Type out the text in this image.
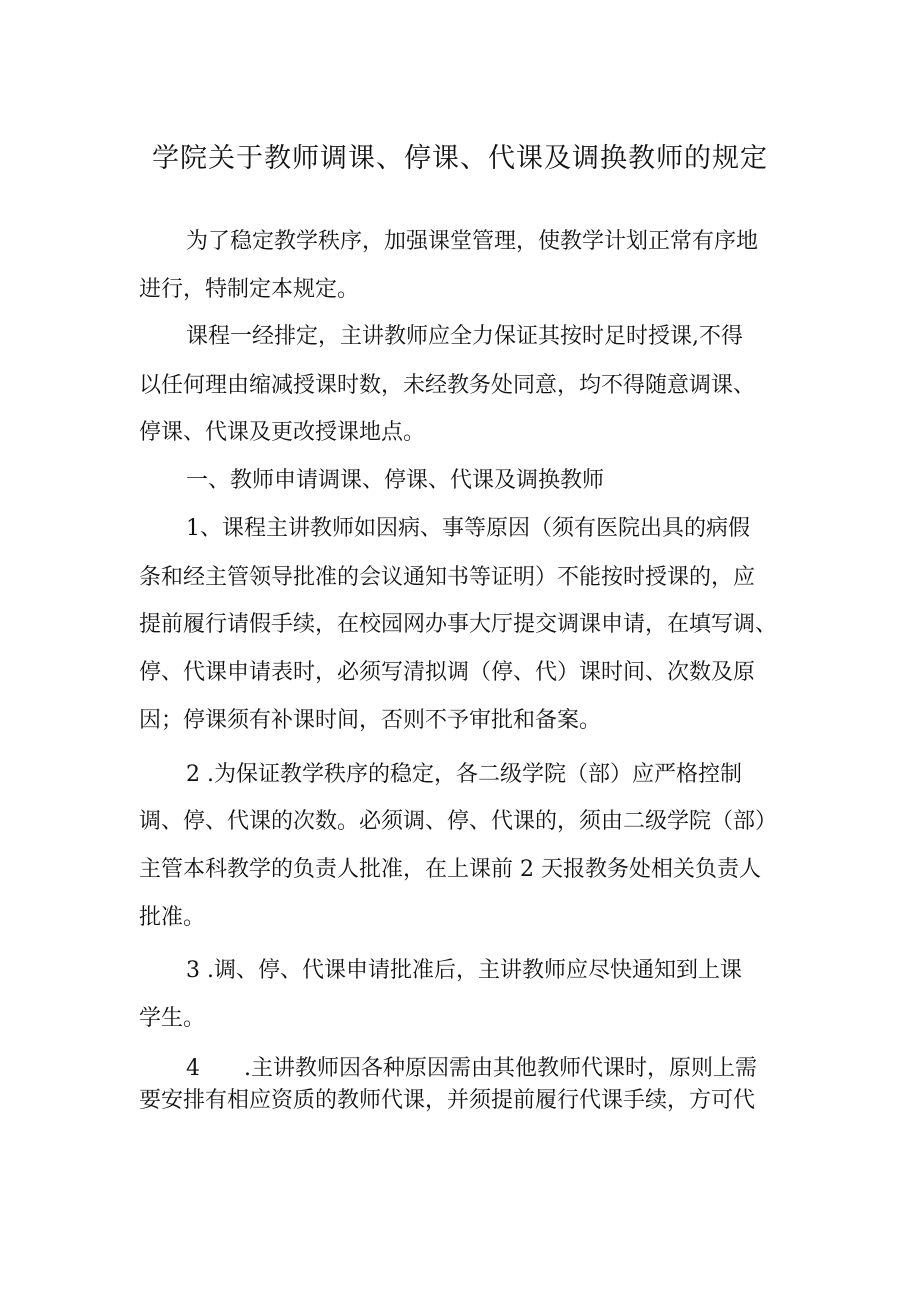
学院关于教师调课、停课、代课及调换教师的规定

为了稳定教学秩序，加强课堂管理，使教学计划正常有序地

进行，特制定本规定。

课程一经排定，主讲教师应全力保证其按时足时授课,不得

以任何理由缩减授课时数，未经教务处同意，均不得随意调课、

停课、代课及更改授课地点。

一、教师申请调课、停课、代课及调换教师

1、课程主讲教师如因病、事等原因（须有医院出具的病假

条和经主管领导批准的会议通知书等证明）不能按时授课的，应

提前履行请假手续，在校园网办事大厅提交调课申请，在填写调、

停、代课申请表时，必须写清拟调（停、代）课时间、次数及原

因；停课须有补课时间，否则不予审批和备案。

2 .为保证教学秩序的稳定，各二级学院（部）应严格控制

调、停、代课的次数。必须调、停、代课的，须由二级学院（部）

主管本科教学的负责人批准，在上课前 2 天报教务处相关负责人

批准。

3 .调、停、代课申请批准后，主讲教师应尽快通知到上课

学生。

4　　.主讲教师因各种原因需由其他教师代课时，原则上需

要安排有相应资质的教师代课，并须提前履行代课手续，方可代
